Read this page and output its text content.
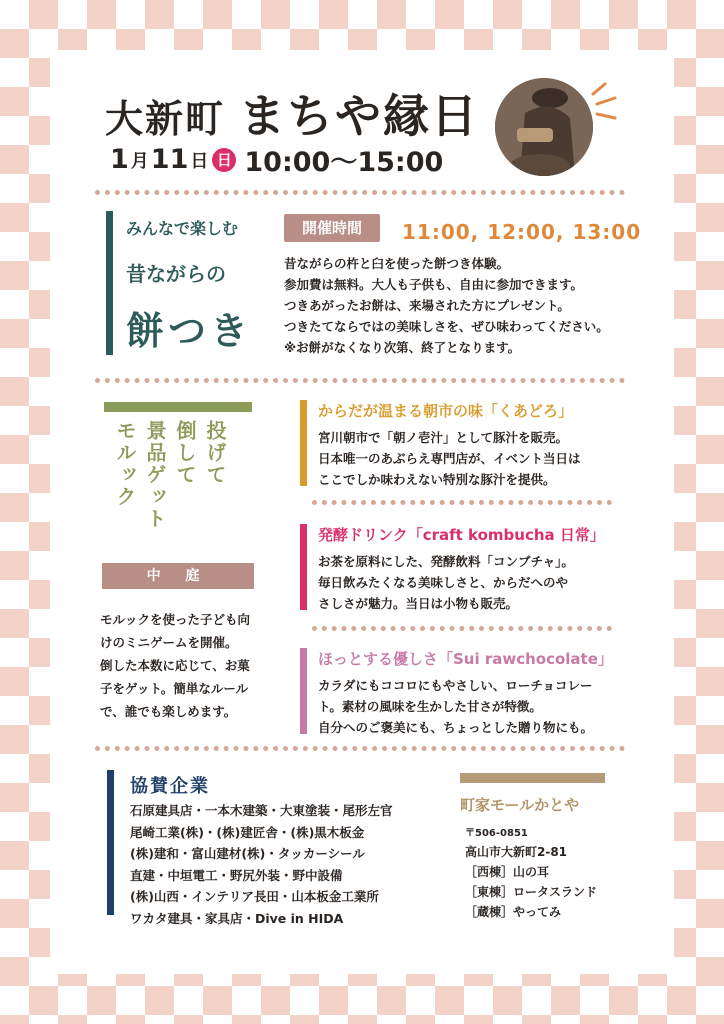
大新町 まちや縁日
1 月 11 日 日 10:00〜15:00
みんなで楽しむ
昔ながらの
餅つき
開催時間	11:00, 12:00, 13:00
昔ながらの杵と臼を使った餅つき体験。
参加費は無料。大人も子供も、自由に参加できます。
つきあがったお餅は、来場された方にプレゼント。
つきたてならではの美味しさを、ぜひ味わってください。
※お餅がなくなり次第、終了となります。
投げて
倒して
景品ゲット
モルック
中 庭
モルックを使った子ども向
けのミニゲームを開催。
倒した本数に応じて、お菓
子をゲット。簡単なルール
で、誰でも楽しめます。
からだが温まる朝市の味「くあどろ」
宮川朝市で「朝ノ壱汁」として豚汁を販売。
日本唯一のあぶらえ専門店が、イベント当日は
ここでしか味わえない特別な豚汁を提供。
発酵ドリンク「craft kombucha 日常」
お茶を原料にした、発酵飲料「コンブチャ」。
毎日飲みたくなる美味しさと、からだへのや
さしさが魅力。当日は小物も販売。
ほっとする優しさ「Sui rawchocolate」
カラダにもココロにもやさしい、ローチョコレー
ト。素材の風味を生かした甘さが特徴。
自分へのご褒美にも、ちょっとした贈り物にも。
協賛企業
石原建具店・一本木建築・大東塗装・尾形左官
尾崎工業(株)・(株)建匠舎・(株)黒木板金
(株)建和・富山建材(株)・タッカーシール
直建・中垣電工・野尻外装・野中設備
(株)山西・インテリア長田・山本板金工業所
ワカタ建具・家具店・Dive in HIDA
町家モールかとや
〒506-0851
高山市大新町2-81
［西棟］山の耳
［東棟］ロータスランド
［蔵棟］やってみ
